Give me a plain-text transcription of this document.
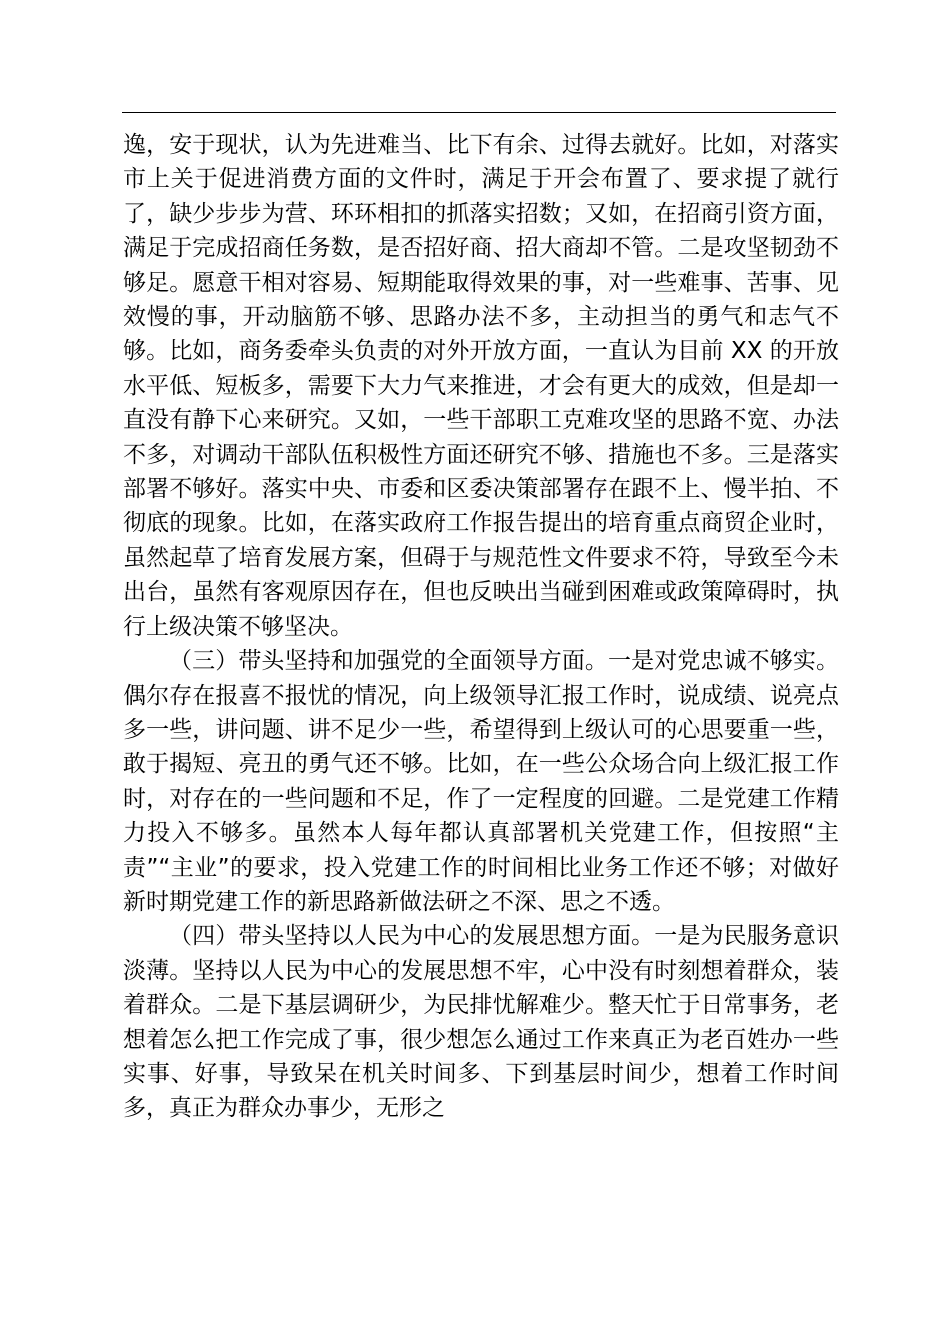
逸，安于现状，认为先进难当、比下有余、过得去就好。比如，对落实市上关于促进消费方面的文件时，满足于开会布置了、要求提了就行了，缺少步步为营、环环相扣的抓落实招数；又如，在招商引资方面，满足于完成招商任务数，是否招好商、招大商却不管。二是攻坚韧劲不够足。愿意干相对容易、短期能取得效果的事，对一些难事、苦事、见效慢的事，开动脑筋不够、思路办法不多，主动担当的勇气和志气不够。比如，商务委牵头负责的对外开放方面，一直认为目前 XX 的开放水平低、短板多，需要下大力气来推进，才会有更大的成效，但是却一直没有静下心来研究。又如，一些干部职工克难攻坚的思路不宽、办法不多，对调动干部队伍积极性方面还研究不够、措施也不多。三是落实部署不够好。落实中央、市委和区委决策部署存在跟不上、慢半拍、不彻底的现象。比如，在落实政府工作报告提出的培育重点商贸企业时，虽然起草了培育发展方案，但碍于与规范性文件要求不符，导致至今未出台，虽然有客观原因存在，但也反映出当碰到困难或政策障碍时，执行上级决策不够坚决。

（三）带头坚持和加强党的全面领导方面。一是对党忠诚不够实。偶尔存在报喜不报忧的情况，向上级领导汇报工作时，说成绩、说亮点多一些，讲问题、讲不足少一些，希望得到上级认可的心思要重一些，敢于揭短、亮丑的勇气还不够。比如，在一些公众场合向上级汇报工作时，对存在的一些问题和不足，作了一定程度的回避。二是党建工作精力投入不够多。虽然本人每年都认真部署机关党建工作，但按照“主责”“主业”的要求，投入党建工作的时间相比业务工作还不够；对做好新时期党建工作的新思路新做法研之不深、思之不透。

（四）带头坚持以人民为中心的发展思想方面。一是为民服务意识淡薄。坚持以人民为中心的发展思想不牢，心中没有时刻想着群众，装着群众。二是下基层调研少，为民排忧解难少。整天忙于日常事务，老想着怎么把工作完成了事，很少想怎么通过工作来真正为老百姓办一些实事、好事，导致呆在机关时间多、下到基层时间少，想着工作时间多，真正为群众办事少，无形之
